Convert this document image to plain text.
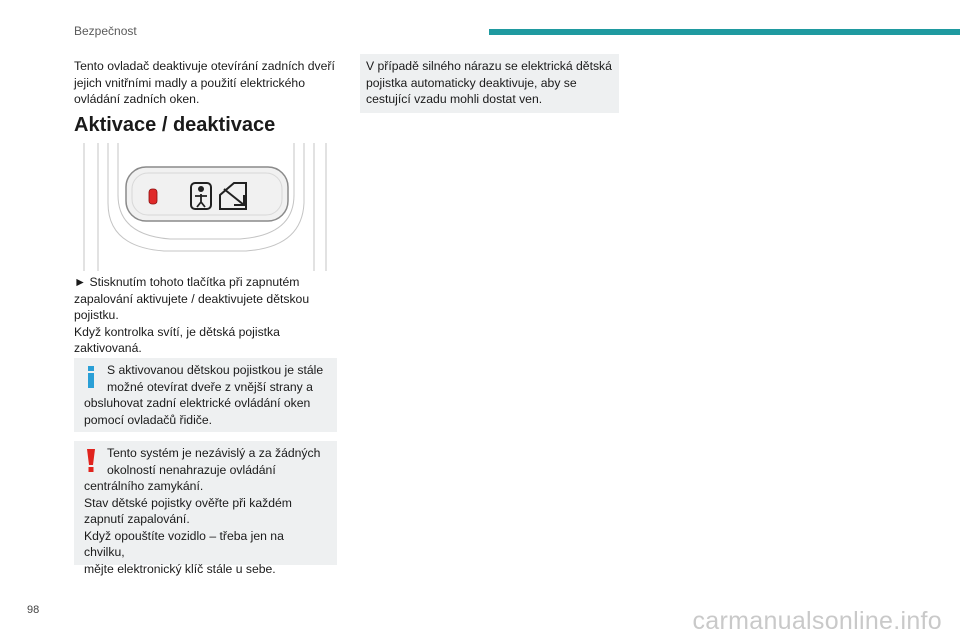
Bezpečnost

Tento ovladač deaktivuje otevírání zadních dveří
jejich vnitřními madly a použití elektrického
ovládání zadních oken.

Aktivace / deaktivace

► Stisknutím tohoto tlačítka při zapnutém
zapalování aktivujete / deaktivujete dětskou
pojistku.
Když kontrolka svítí, je dětská pojistka
zaktivovaná.

S aktivovanou dětskou pojistkou je stále
možné otevírat dveře z vnější strany a

obsluhovat zadní elektrické ovládání oken
pomocí ovladačů řidiče.

Tento systém je nezávislý a za žádných
okolností nenahrazuje ovládání

centrálního zamykání.
Stav dětské pojistky ověřte při každém
zapnutí zapalování.
Když opouštíte vozidlo – třeba jen na chvilku,
mějte elektronický klíč stále u sebe.

V případě silného nárazu se elektrická dětská
pojistka automaticky deaktivuje, aby se
cestující vzadu mohli dostat ven.

98	carmanualsonline.info
